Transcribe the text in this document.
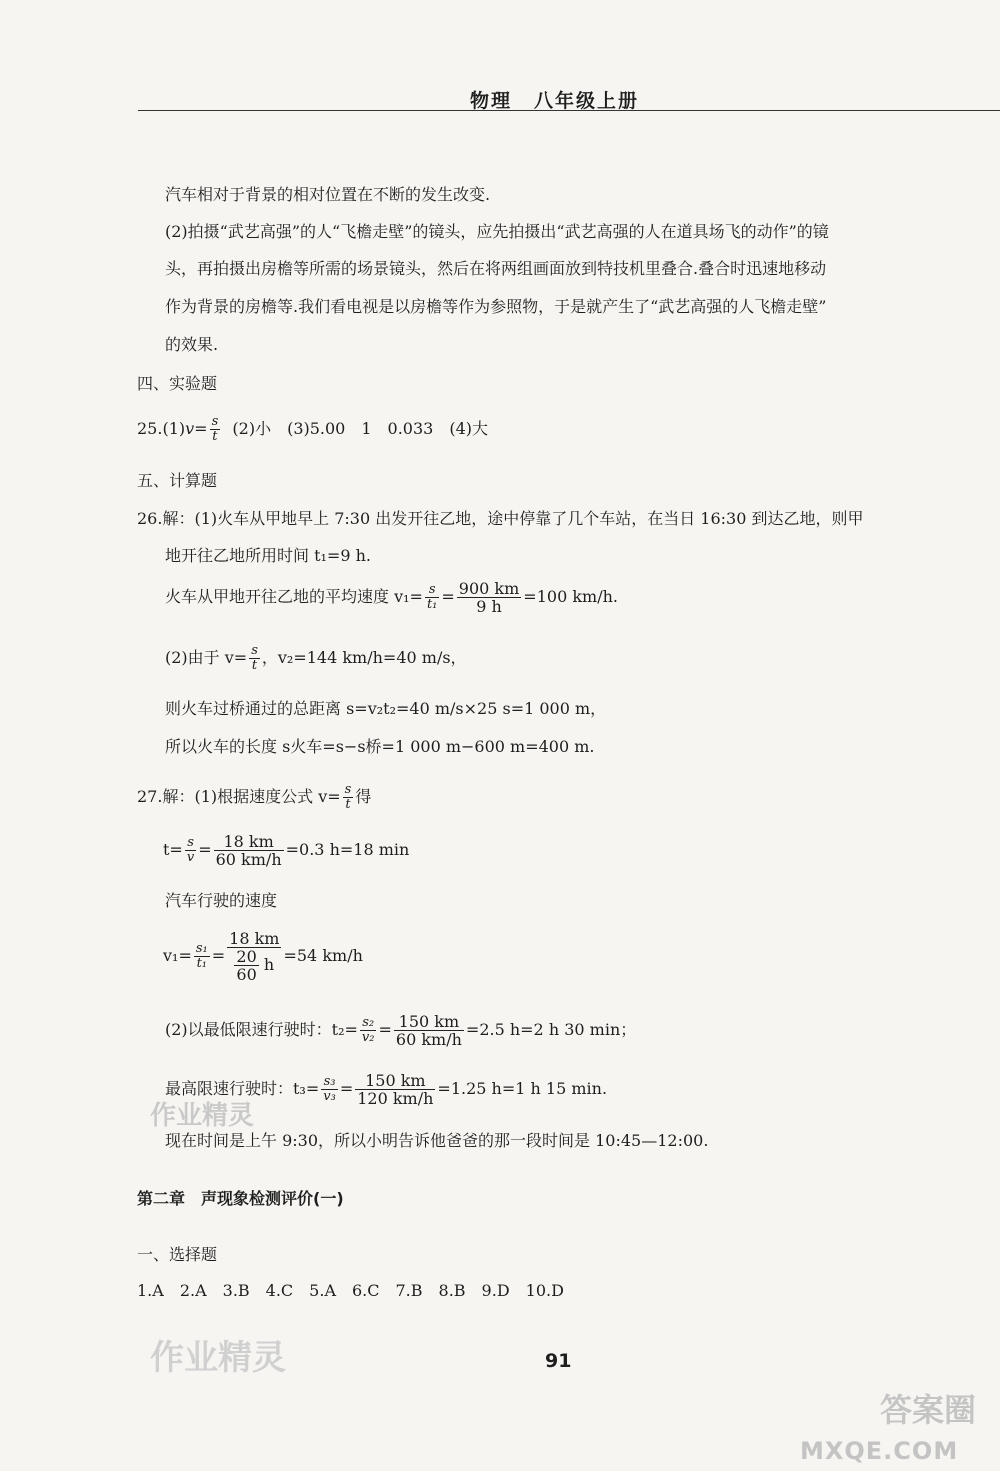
物理 八年级上册
汽车相对于背景的相对位置在不断的发生改变.
(2)拍摄“武艺高强”的人“飞檐走壁”的镜头，应先拍摄出“武艺高强的人在道具场飞的动作”的镜
头，再拍摄出房檐等所需的场景镜头，然后在将两组画面放到特技机里叠合.叠合时迅速地移动
作为背景的房檐等.我们看电视是以房檐等作为参照物，于是就产生了“武艺高强的人飞檐走壁”
的效果.
四、实验题
$25.(1)v= \frac{s}{t} (2)$小　(3)5.00　1　0.033　(4)大
五、计算题
26.解：(1)火车从甲地早上 7:30 出发开往乙地，途中停靠了几个车站，在当日 16:30 到达乙地，则甲
地开往乙地所用时间 t₁=9 h.
火车从甲地开往乙地的平均速度 $v_1= \frac{s}{\text{t₁}} = \frac{900 km}{9 h} =100$ km/h.
(2)由于 $v= \frac{s}{t}$ ，v₂=144 km/h=40 m/s，
则火车过桥通过的总距离 s=v₂t₂=40 m/s×25 s=1 000 m，
所以火车的长度 s火车=s−s桥=1 000 m−600 m=400 m.
27.解：(1)根据速度公式 $v= \frac{s}{t}$ 得
$t= \frac{s}{v} = \frac{18 km}{60 km/h} =0.3$ h=18 min
汽车行驶的速度
$v_1= \frac{\text{s₁}}{\text{t₁}} = \frac{18 km}{\frac{20}{60} h} =54$ km/h
(2)以最低限速行驶时：$t_2= \frac{\text{s₂}}{\text{v₂}} = \frac{150 km}{60 km/h} =2.5$ h=2 h 30 min；
最高限速行驶时：$t_3= \frac{\text{s₃}}{\text{v₃}} = \frac{150 km}{120 km/h} =1.25$ h=1 h 15 min.
作业精灵
现在时间是上午 9:30，所以小明告诉他爸爸的那一段时间是 10:45—12:00.
第二章　声现象检测评价(一)
一、选择题
1.A　2.A　3.B　4.C　5.A　6.C　7.B　8.B　9.D　10.D
作业精灵	91
答案圈
MXQE.COM
